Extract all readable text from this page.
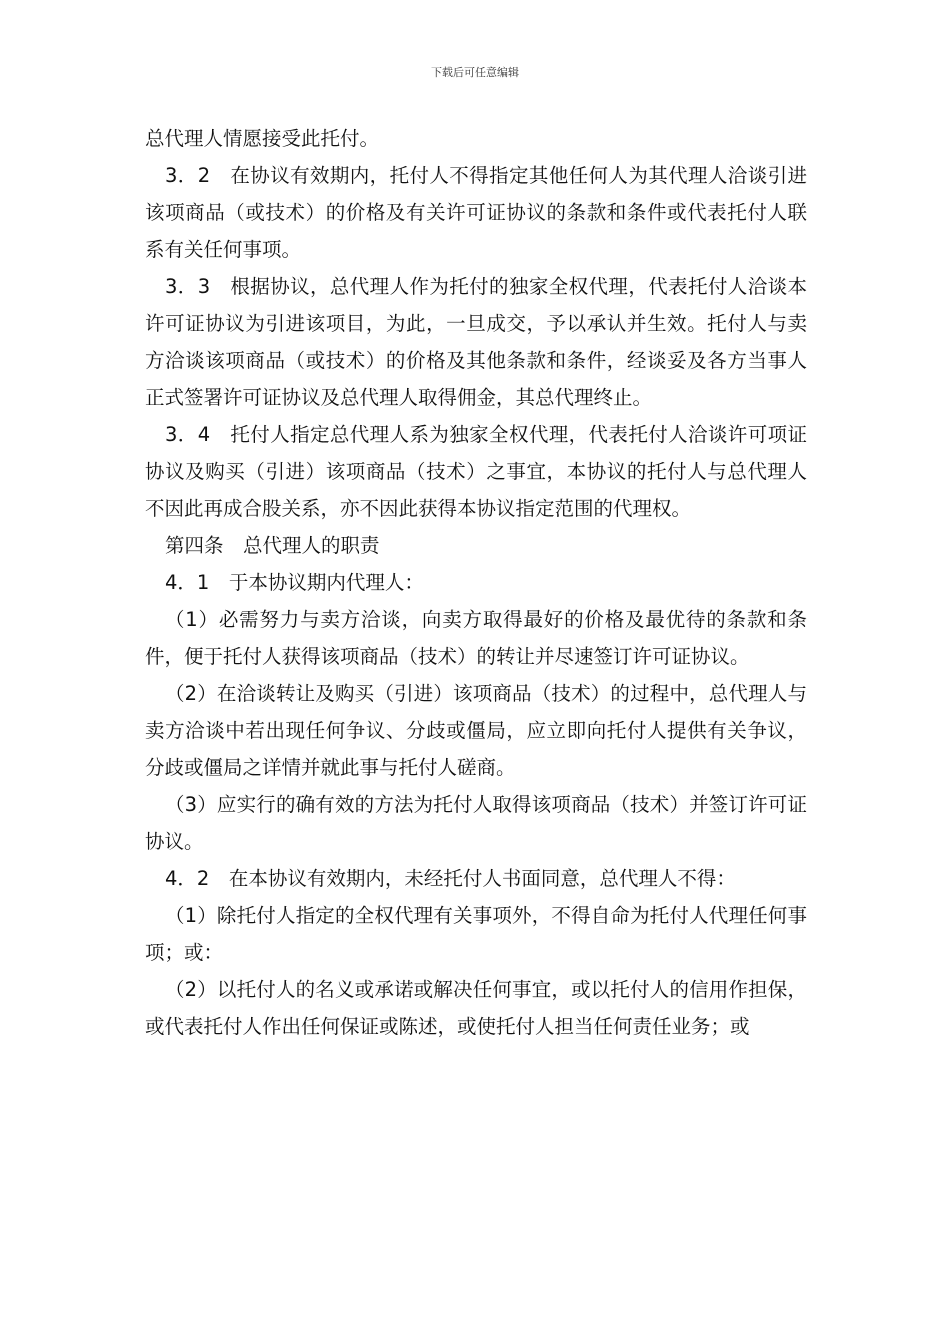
下载后可任意编辑

总代理人情愿接受此托付。

3．2　在协议有效期内，托付人不得指定其他任何人为其代理人洽谈引进该项商品（或技术）的价格及有关许可证协议的条款和条件或代表托付人联系有关任何事项。

3．3　根据协议，总代理人作为托付的独家全权代理，代表托付人洽谈本许可证协议为引进该项目，为此，一旦成交，予以承认并生效。托付人与卖方洽谈该项商品（或技术）的价格及其他条款和条件，经谈妥及各方当事人正式签署许可证协议及总代理人取得佣金，其总代理终止。

3．4　托付人指定总代理人系为独家全权代理，代表托付人洽谈许可项证协议及购买（引进）该项商品（技术）之事宜，本协议的托付人与总代理人不因此再成合股关系，亦不因此获得本协议指定范围的代理权。

第四条　总代理人的职责

4．1　于本协议期内代理人：

（1）必需努力与卖方洽谈，向卖方取得最好的价格及最优待的条款和条件，便于托付人获得该项商品（技术）的转让并尽速签订许可证协议。

（2）在洽谈转让及购买（引进）该项商品（技术）的过程中，总代理人与卖方洽谈中若出现任何争议、分歧或僵局，应立即向托付人提供有关争议，分歧或僵局之详情并就此事与托付人磋商。

（3）应实行的确有效的方法为托付人取得该项商品（技术）并签订许可证协议。

4．2　在本协议有效期内，未经托付人书面同意，总代理人不得：

（1）除托付人指定的全权代理有关事项外，不得自命为托付人代理任何事项；或：

（2）以托付人的名义或承诺或解决任何事宜，或以托付人的信用作担保，或代表托付人作出任何保证或陈述，或使托付人担当任何责任业务；或
